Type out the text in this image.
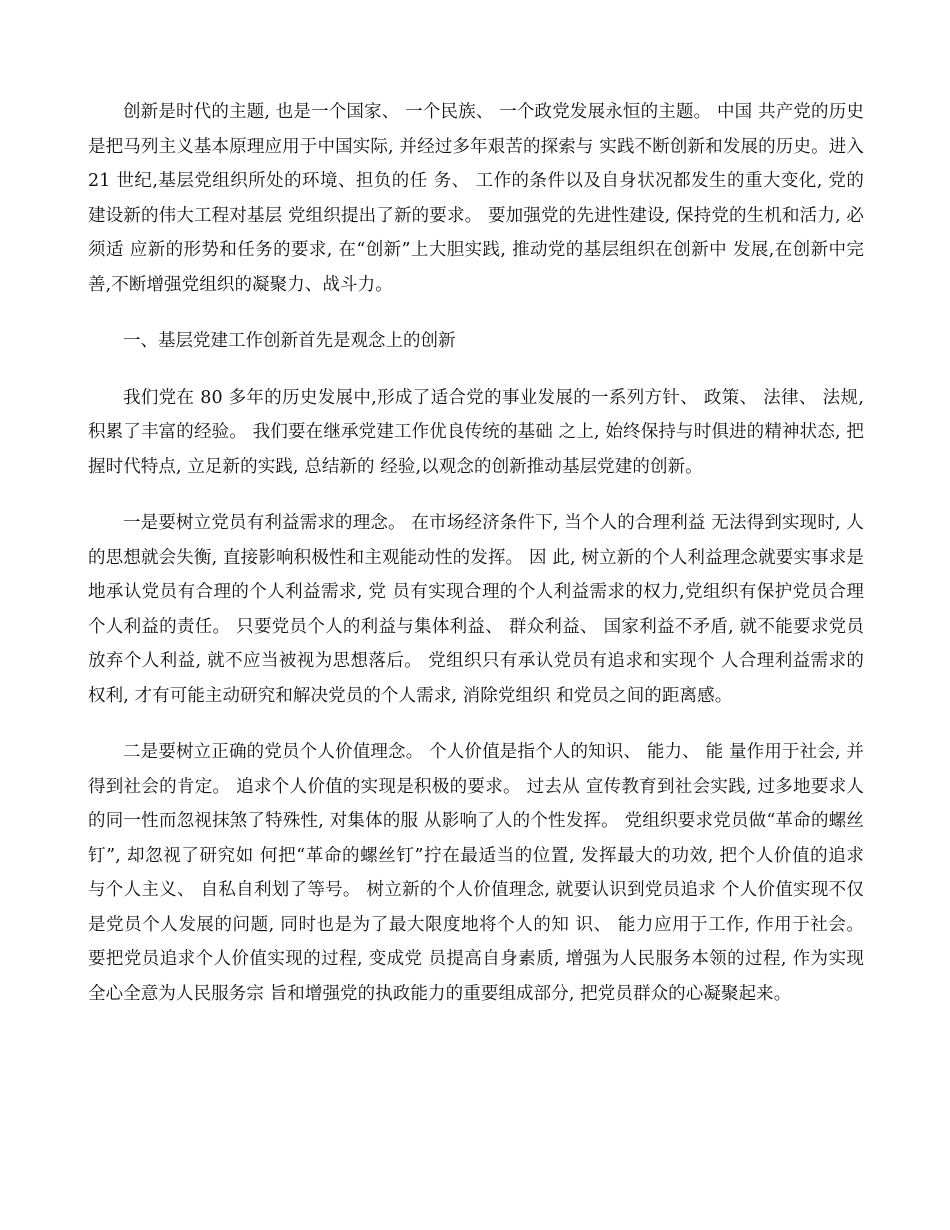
创新是时代的主题, 也是一个国家、 一个民族、 一个政党发展永恒的主题。 中国 共产党的历史是把马列主义基本原理应用于中国实际, 并经过多年艰苦的探索与 实践不断创新和发展的历史。进入 21 世纪,基层党组织所处的环境、担负的任 务、 工作的条件以及自身状况都发生的重大变化, 党的建设新的伟大工程对基层 党组织提出了新的要求。 要加强党的先进性建设, 保持党的生机和活力, 必须适 应新的形势和任务的要求, 在“创新”上大胆实践, 推动党的基层组织在创新中 发展,在创新中完善,不断增强党组织的凝聚力、战斗力。

一、基层党建工作创新首先是观念上的创新

我们党在 80 多年的历史发展中,形成了适合党的事业发展的一系列方针、 政策、 法律、 法规, 积累了丰富的经验。 我们要在继承党建工作优良传统的基础 之上, 始终保持与时俱进的精神状态, 把握时代特点, 立足新的实践, 总结新的 经验,以观念的创新推动基层党建的创新。

一是要树立党员有利益需求的理念。 在市场经济条件下, 当个人的合理利益 无法得到实现时, 人的思想就会失衡, 直接影响积极性和主观能动性的发挥。 因 此, 树立新的个人利益理念就要实事求是地承认党员有合理的个人利益需求, 党 员有实现合理的个人利益需求的权力,党组织有保护党员合理个人利益的责任。 只要党员个人的利益与集体利益、 群众利益、 国家利益不矛盾, 就不能要求党员 放弃个人利益, 就不应当被视为思想落后。 党组织只有承认党员有追求和实现个 人合理利益需求的权利, 才有可能主动研究和解决党员的个人需求, 消除党组织 和党员之间的距离感。

二是要树立正确的党员个人价值理念。 个人价值是指个人的知识、 能力、 能 量作用于社会, 并得到社会的肯定。 追求个人价值的实现是积极的要求。 过去从 宣传教育到社会实践, 过多地要求人的同一性而忽视抹煞了特殊性, 对集体的服 从影响了人的个性发挥。 党组织要求党员做“革命的螺丝钉”, 却忽视了研究如 何把“革命的螺丝钉”拧在最适当的位置, 发挥最大的功效, 把个人价值的追求 与个人主义、 自私自利划了等号。 树立新的个人价值理念, 就要认识到党员追求 个人价值实现不仅是党员个人发展的问题, 同时也是为了最大限度地将个人的知 识、 能力应用于工作, 作用于社会。 要把党员追求个人价值实现的过程, 变成党 员提高自身素质, 增强为人民服务本领的过程, 作为实现全心全意为人民服务宗 旨和增强党的执政能力的重要组成部分, 把党员群众的心凝聚起来。
